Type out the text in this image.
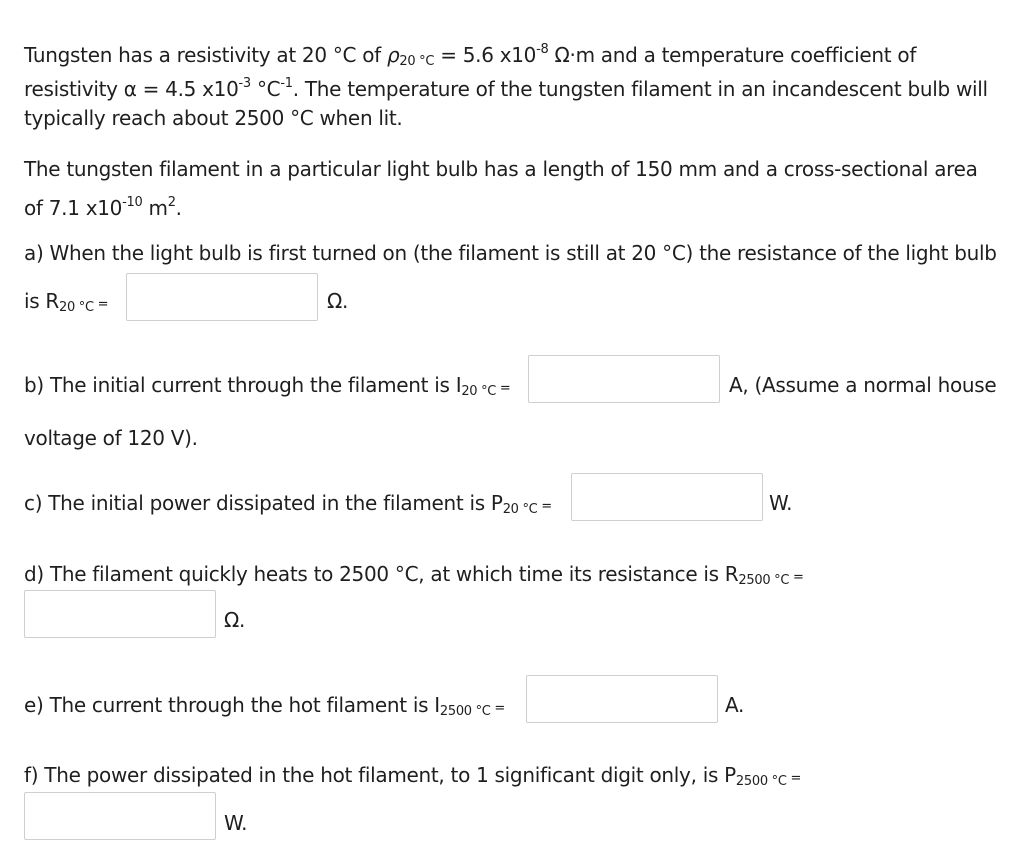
Tungsten has a resistivity at 20 °C of $\rho_{20 ^\circ C} = 5.6$ $x10^{-8}$ Ω·m and a temperature coefficient of
resistivity α = 4.5 $x10^{-3}$ $^\circ C^{-1}$. The temperature of the tungsten filament in an incandescent bulb will
typically reach about 2500 °C when lit.
The tungsten filament in a particular light bulb has a length of 150 mm and a cross-sectional area
of 7.1 $x10^{-10}$ $m^2$.
a) When the light bulb is first turned on (the filament is still at 20 °C) the resistance of the light bulb
is $R_{20 ^\circ C}$ =	Ω.
b) The initial current through the filament is $I_{20 ^\circ C}$ =	A, (Assume a normal house
voltage of 120 V).
c) The initial power dissipated in the filament is $P_{20 ^\circ C}$ =	W.
d) The filament quickly heats to 2500 °C, at which time its resistance is $R_{2500 ^\circ C}$ =
Ω.
e) The current through the hot filament is $I_{2500 ^\circ C}$ =	A.
f) The power dissipated in the hot filament, to 1 significant digit only, is $P_{2500 ^\circ C}$ =
W.
